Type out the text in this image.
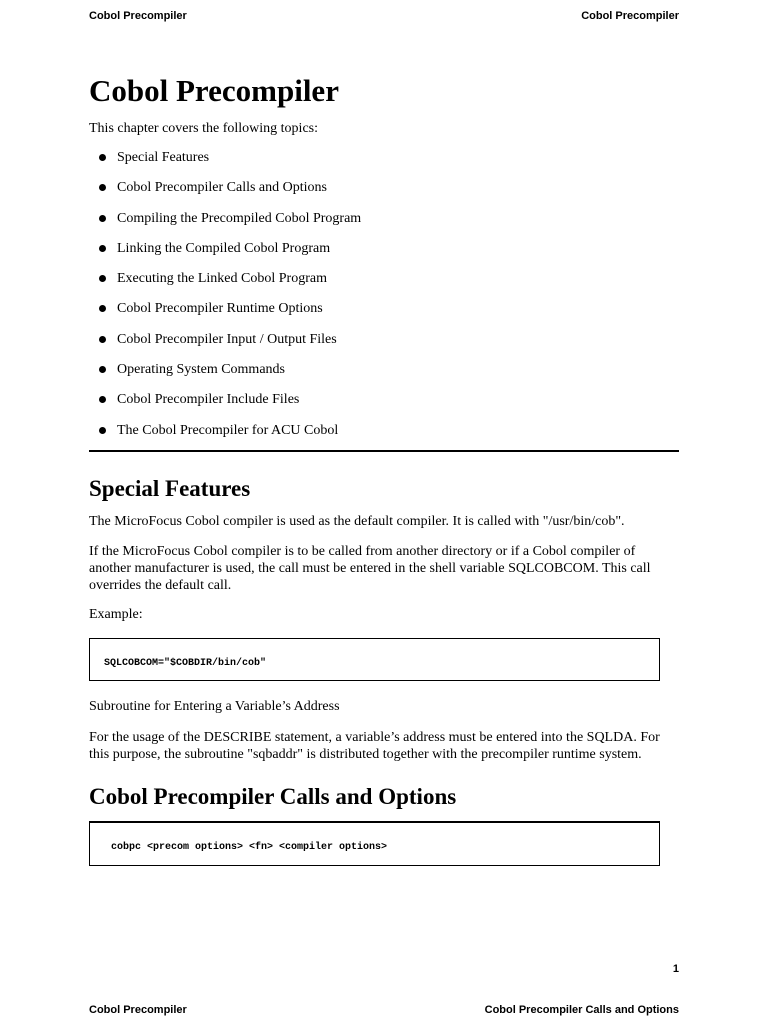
Cobol Precompiler	Cobol Precompiler
Cobol Precompiler

This chapter covers the following topics:

Special Features
Cobol Precompiler Calls and Options
Compiling the Precompiled Cobol Program
Linking the Compiled Cobol Program
Executing the Linked Cobol Program
Cobol Precompiler Runtime Options
Cobol Precompiler Input / Output Files
Operating System Commands
Cobol Precompiler Include Files
The Cobol Precompiler for ACU Cobol
Special Features

The MicroFocus Cobol compiler is used as the default compiler. It is called with "/usr/bin/cob".

If the MicroFocus Cobol compiler is to be called from another directory or if a Cobol compiler of another manufacturer is used, the call must be entered in the shell variable SQLCOBCOM. This call overrides the default call.

Example:

SQLCOBCOM="$COBDIR/bin/cob"

Subroutine for Entering a Variable’s Address

For the usage of the DESCRIBE statement, a variable’s address must be entered into the SQLDA. For this purpose, the subroutine "sqbaddr" is distributed together with the precompiler runtime system.

Cobol Precompiler Calls and Options
cobpc <precom options> <fn> <compiler options>
1
Cobol Precompiler	Cobol Precompiler Calls and Options
